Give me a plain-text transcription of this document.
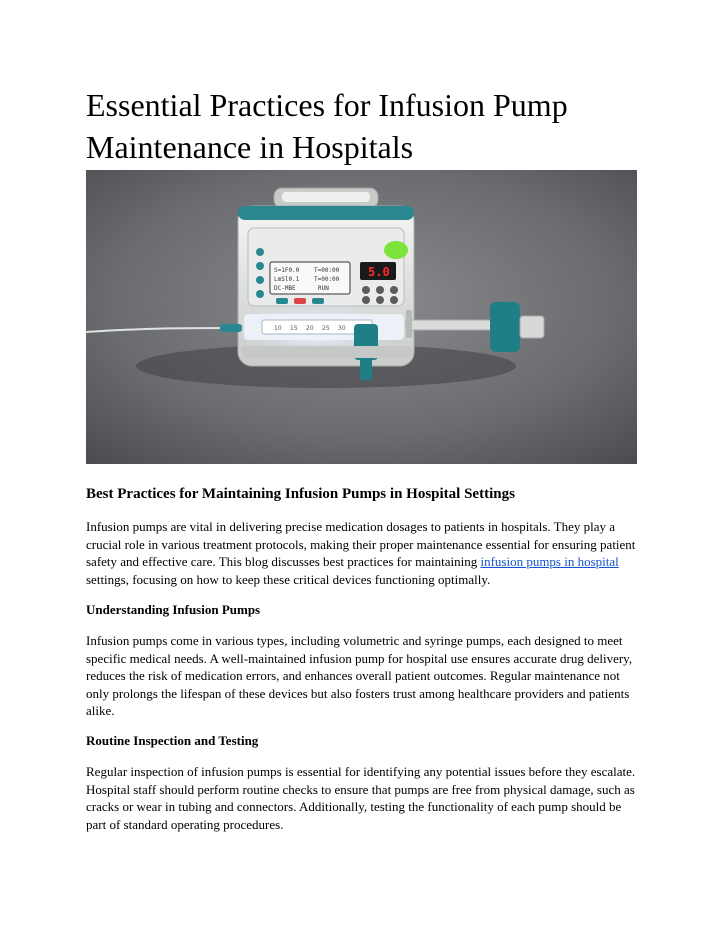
Essential Practices for Infusion Pump Maintenance in Hospitals
S=1F0.0
LmSl0.1
DC-MBE
T=00:00
T=00:00
RUN
5.0
10 15 20 25 30
Best Practices for Maintaining Infusion Pumps in Hospital Settings

Infusion pumps are vital in delivering precise medication dosages to patients in hospitals. They play a crucial role in various treatment protocols, making their proper maintenance essential for ensuring patient safety and effective care. This blog discusses best practices for maintaining infusion pumps in hospital settings, focusing on how to keep these critical devices functioning optimally.

Understanding Infusion Pumps

Infusion pumps come in various types, including volumetric and syringe pumps, each designed to meet specific medical needs. A well-maintained infusion pump for hospital use ensures accurate drug delivery, reduces the risk of medication errors, and enhances overall patient outcomes. Regular maintenance not only prolongs the lifespan of these devices but also fosters trust among healthcare providers and patients alike.

Routine Inspection and Testing

Regular inspection of infusion pumps is essential for identifying any potential issues before they escalate. Hospital staff should perform routine checks to ensure that pumps are free from physical damage, such as cracks or wear in tubing and connectors. Additionally, testing the functionality of each pump should be part of standard operating procedures.
